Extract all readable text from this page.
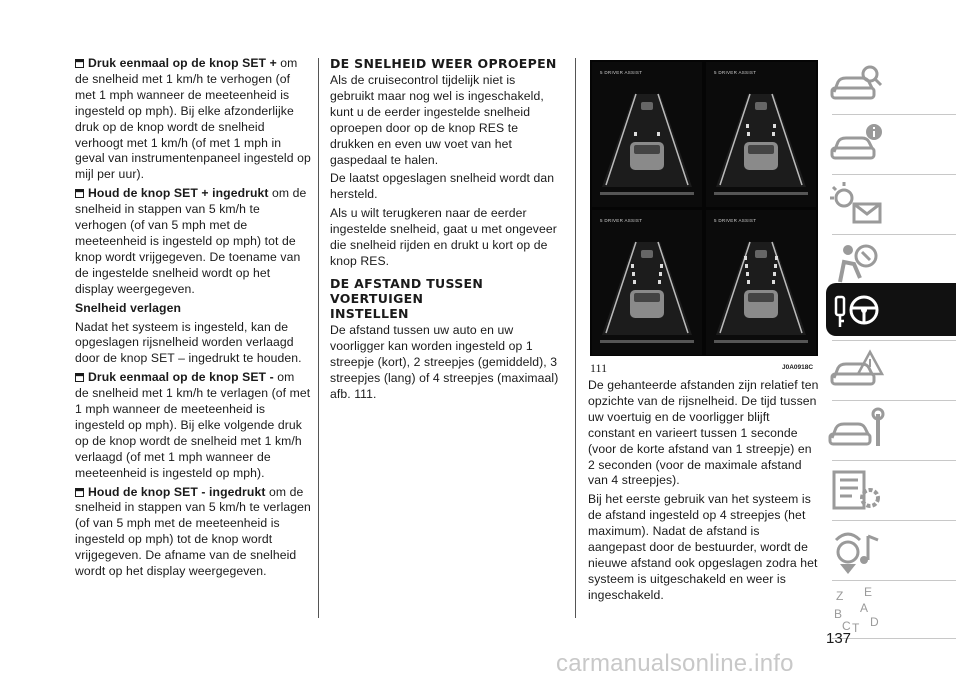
Druk eenmaal op de knop SET + om de snelheid met 1 km/h te verhogen (of met 1 mph wanneer de meeteenheid is ingesteld op mph). Bij elke afzonderlijke druk op de knop wordt de snelheid verhoogt met 1 km/h (of met 1 mph in geval van instrumentenpaneel ingesteld op mijl per uur).

Houd de knop SET + ingedrukt om de snelheid in stappen van 5 km/h te verhogen (of van 5 mph met de meeteenheid is ingesteld op mph) tot de knop wordt vrijgegeven. De toename van de ingestelde snelheid wordt op het display weergegeven.

Snelheid verlagen

Nadat het systeem is ingesteld, kan de opgeslagen rijsnelheid worden verlaagd door de knop SET – ingedrukt te houden.

Druk eenmaal op de knop SET - om de snelheid met 1 km/h te verlagen (of met 1 mph wanneer de meeteenheid is ingesteld op mph). Bij elke volgende druk op de knop wordt de snelheid met 1 km/h verlaagd (of met 1 mph wanneer de meeteenheid is ingesteld op mph).

Houd de knop SET - ingedrukt om de snelheid in stappen van 5 km/h te verlagen (of van 5 mph met de meeteenheid is ingesteld op mph) tot de knop wordt vrijgegeven. De afname van de snelheid wordt op het display weergegeven.

DE SNELHEID WEER OPROEPEN

Als de cruisecontrol tijdelijk niet is gebruikt maar nog wel is ingeschakeld, kunt u de eerder ingestelde snelheid oproepen door op de knop RES te drukken en even uw voet van het gaspedaal te halen.

De laatst opgeslagen snelheid wordt dan hersteld.

Als u wilt terugkeren naar de eerder ingestelde snelheid, gaat u met ongeveer die snelheid rijden en drukt u kort op de knop RES.

DE AFSTAND TUSSEN VOERTUIGEN INSTELLEN

De afstand tussen uw auto en uw voorligger kan worden ingesteld op 1 streepje (kort), 2 streepjes (gemiddeld), 3 streepjes (lang) of 4 streepjes (maximaal) afb. 111.

5 DRIVER ASSIST	5 DRIVER ASSIST
5 DRIVER ASSIST	5 DRIVER ASSIST
111	J0A0918C

De gehanteerde afstanden zijn relatief ten opzichte van de rijsnelheid. De tijd tussen uw voertuig en de voorligger blijft constant en varieert tussen 1 seconde (voor de korte afstand van 1 streepje) en 2 seconden (voor de maximale afstand van 4 streepjes).

Bij het eerste gebruik van het systeem is de afstand ingesteld op 4 streepjes (het maximum). Nadat de afstand is aangepast door de bestuurder, wordt de nieuwe afstand ook opgeslagen zodra het systeem is uitgeschakeld en weer is ingeschakeld.	Z E
A
B
C T D
137
carmanualsonline.info
